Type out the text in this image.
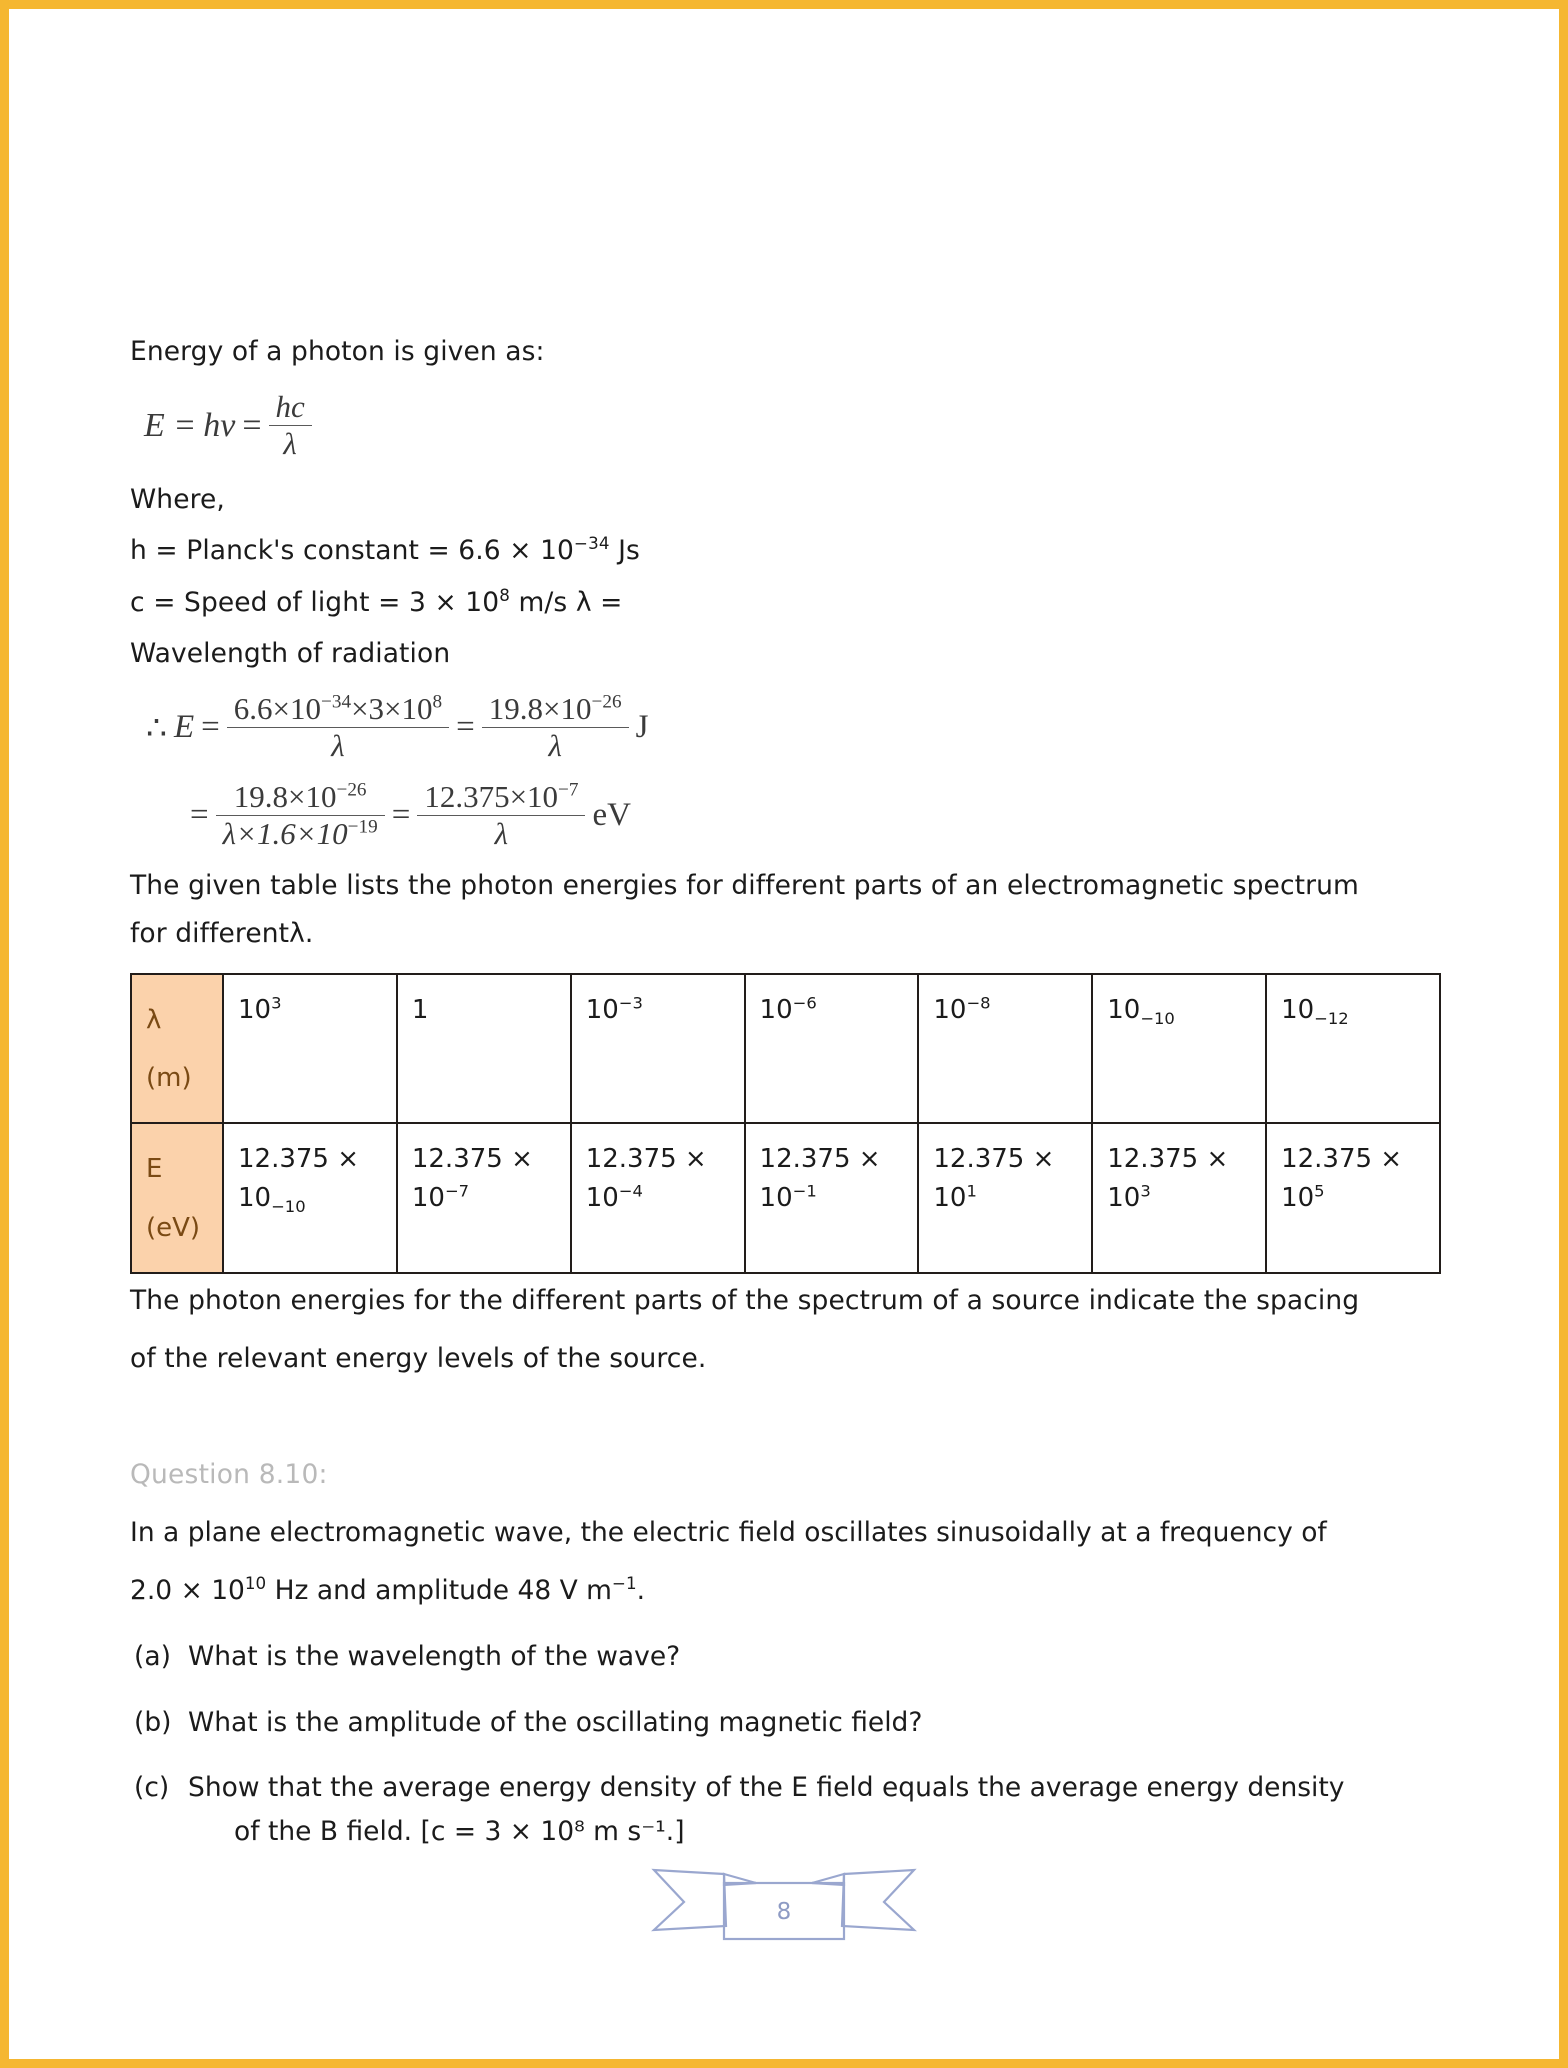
Energy of a photon is given as:

$E = h\nu = \frac{hc}{\lambda}$

Where,

h = Planck's constant = $6.6 \times 10^{-34}$ Js

c = Speed of light = $3 \times 10^8$ m/s λ =

Wavelength of radiation

∴ $E = \frac{6.6\times 10^{-34}\times 3\times 10^8}{\lambda} = \frac{19.8\times 10^{-26}}{\lambda}$ J
= $\frac{19.8\times 10^{-26}}{\lambda\times 1.6\times 10^{-19}} = \frac{12.375\times 10^{-7}}{\lambda}$ eV

The given table lists the photon energies for different parts of an electromagnetic spectrum

for differentλ.

λ
(m)	$10^3$	1	$10^{-3}$	$10^{-6}$	$10^{-8}$	$10_{-10}$	$10_{-12}$

E
(eV)	12.375 ×
$10_{-10}$	12.375 ×
$10^{-7}$	12.375 ×
$10^{-4}$	12.375 ×
$10^{-1}$	12.375 ×
$10^1$	12.375 ×
$10^3$	12.375 ×
$10^5$

The photon energies for the different parts of the spectrum of a source indicate the spacing

of the relevant energy levels of the source.

Question 8.10:
In a plane electromagnetic wave, the electric field oscillates sinusoidally at a frequency of
$2.0 \times 10^{10}$ Hz and amplitude 48 V $m^{-1}$.
(a) What is the wavelength of the wave?
(b) What is the amplitude of the oscillating magnetic field?
(c) Show that the average energy density of the E field equals the average energy density
of the B field. [c = 3 × 10⁸ m s⁻¹.]
8
